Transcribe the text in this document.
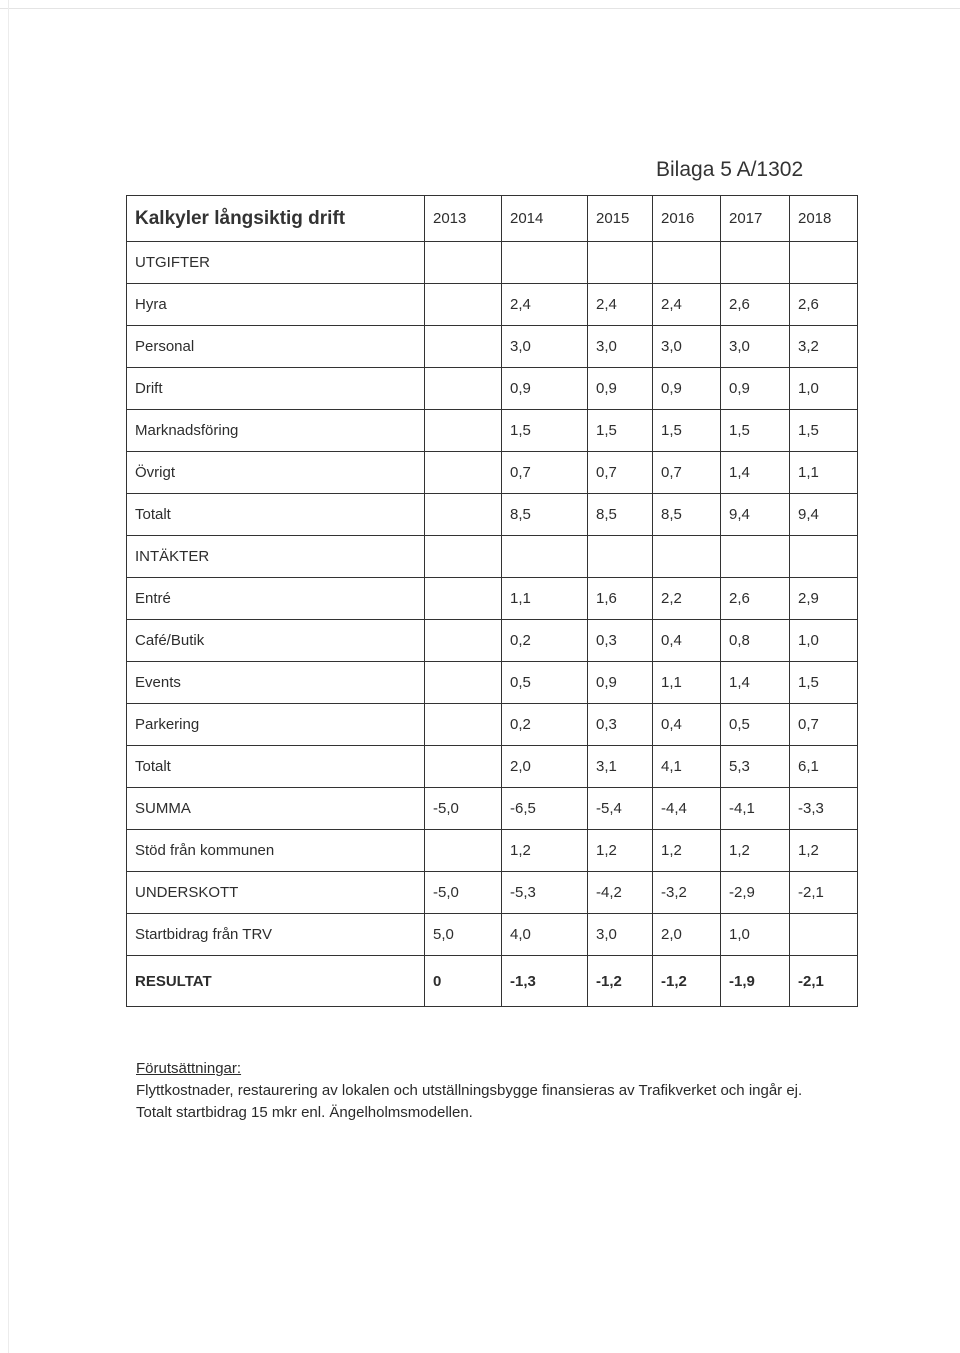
Bilaga 5 A/1302
Kalkyler långsiktig drift	2013	2014	2015	2016	2017	2018
UTGIFTER						
Hyra		2,4	2,4	2,4	2,6	2,6
Personal		3,0	3,0	3,0	3,0	3,2
Drift		0,9	0,9	0,9	0,9	1,0
Marknadsföring		1,5	1,5	1,5	1,5	1,5
Övrigt		0,7	0,7	0,7	1,4	1,1
Totalt		8,5	8,5	8,5	9,4	9,4
INTÄKTER						
Entré		1,1	1,6	2,2	2,6	2,9
Café/Butik		0,2	0,3	0,4	0,8	1,0
Events		0,5	0,9	1,1	1,4	1,5
Parkering		0,2	0,3	0,4	0,5	0,7
Totalt		2,0	3,1	4,1	5,3	6,1
SUMMA	-5,0	-6,5	-5,4	-4,4	-4,1	-3,3
Stöd från kommunen		1,2	1,2	1,2	1,2	1,2
UNDERSKOTT	-5,0	-5,3	-4,2	-3,2	-2,9	-2,1
Startbidrag från TRV	5,0	4,0	3,0	2,0	1,0	
RESULTAT	0	-1,3	-1,2	-1,2	-1,9	-2,1
Förutsättningar:
Flyttkostnader, restaurering av lokalen och utställningsbygge finansieras av Trafikverket och ingår ej.
Totalt startbidrag 15 mkr enl. Ängelholmsmodellen.
